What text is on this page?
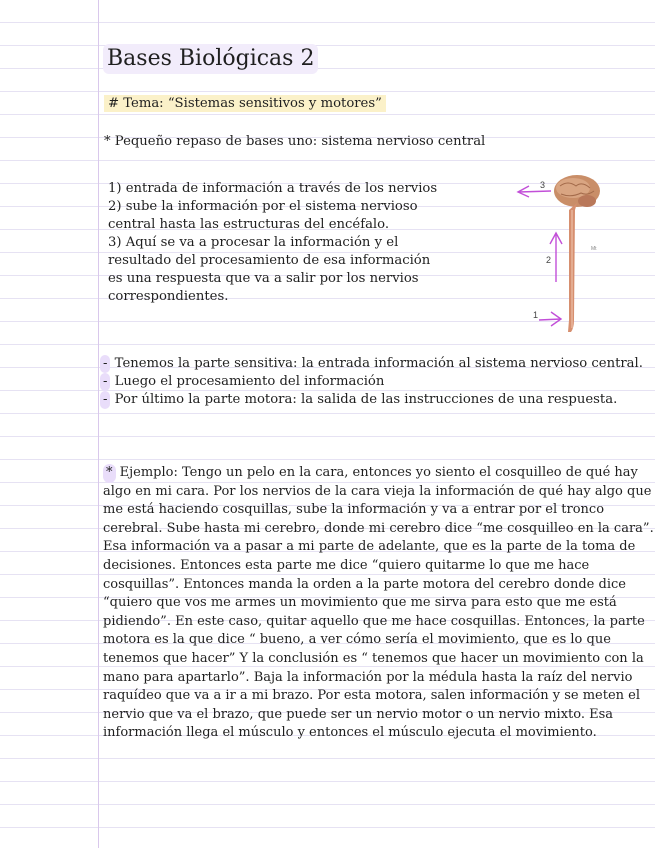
Bases Biológicas 2
# Tema: “Sistemas sensitivos y motores”
* Pequeño repaso de bases uno: sistema nervioso central
1) entrada de información a través de los nervios
2) sube la información por el sistema nervioso
central hasta las estructuras del encéfalo.
3) Aquí se va a procesar la información y el
resultado del procesamiento de esa información
es una respuesta que va a salir por los nervios
correspondientes.
3
2
1
Mt
- Tenemos la parte sensitiva: la entrada información al sistema nervioso central.
- Luego el procesamiento del información
- Por último la parte motora: la salida de las instrucciones de una respuesta.
* Ejemplo: Tengo un pelo en la cara, entonces yo siento el cosquilleo de qué hay
algo en mi cara. Por los nervios de la cara vieja la información de qué hay algo que
me está haciendo cosquillas, sube la información y va a entrar por el tronco
cerebral. Sube hasta mi cerebro, donde mi cerebro dice “me cosquilleo en la cara”.
Esa información va a pasar a mi parte de adelante, que es la parte de la toma de
decisiones. Entonces esta parte me dice “quiero quitarme lo que me hace
cosquillas”. Entonces manda la orden a la parte motora del cerebro donde dice
“quiero que vos me armes un movimiento que me sirva para esto que me está
pidiendo”. En este caso, quitar aquello que me hace cosquillas. Entonces, la parte
motora es la que dice “ bueno, a ver cómo sería el movimiento, que es lo que
tenemos que hacer” Y la conclusión es “ tenemos que hacer un movimiento con la
mano para apartarlo”. Baja la información por la médula hasta la raíz del nervio
raquídeo que va a ir a mi brazo. Por esta motora, salen información y se meten el
nervio que va el brazo, que puede ser un nervio motor o un nervio mixto. Esa
información llega el músculo y entonces el músculo ejecuta el movimiento.
